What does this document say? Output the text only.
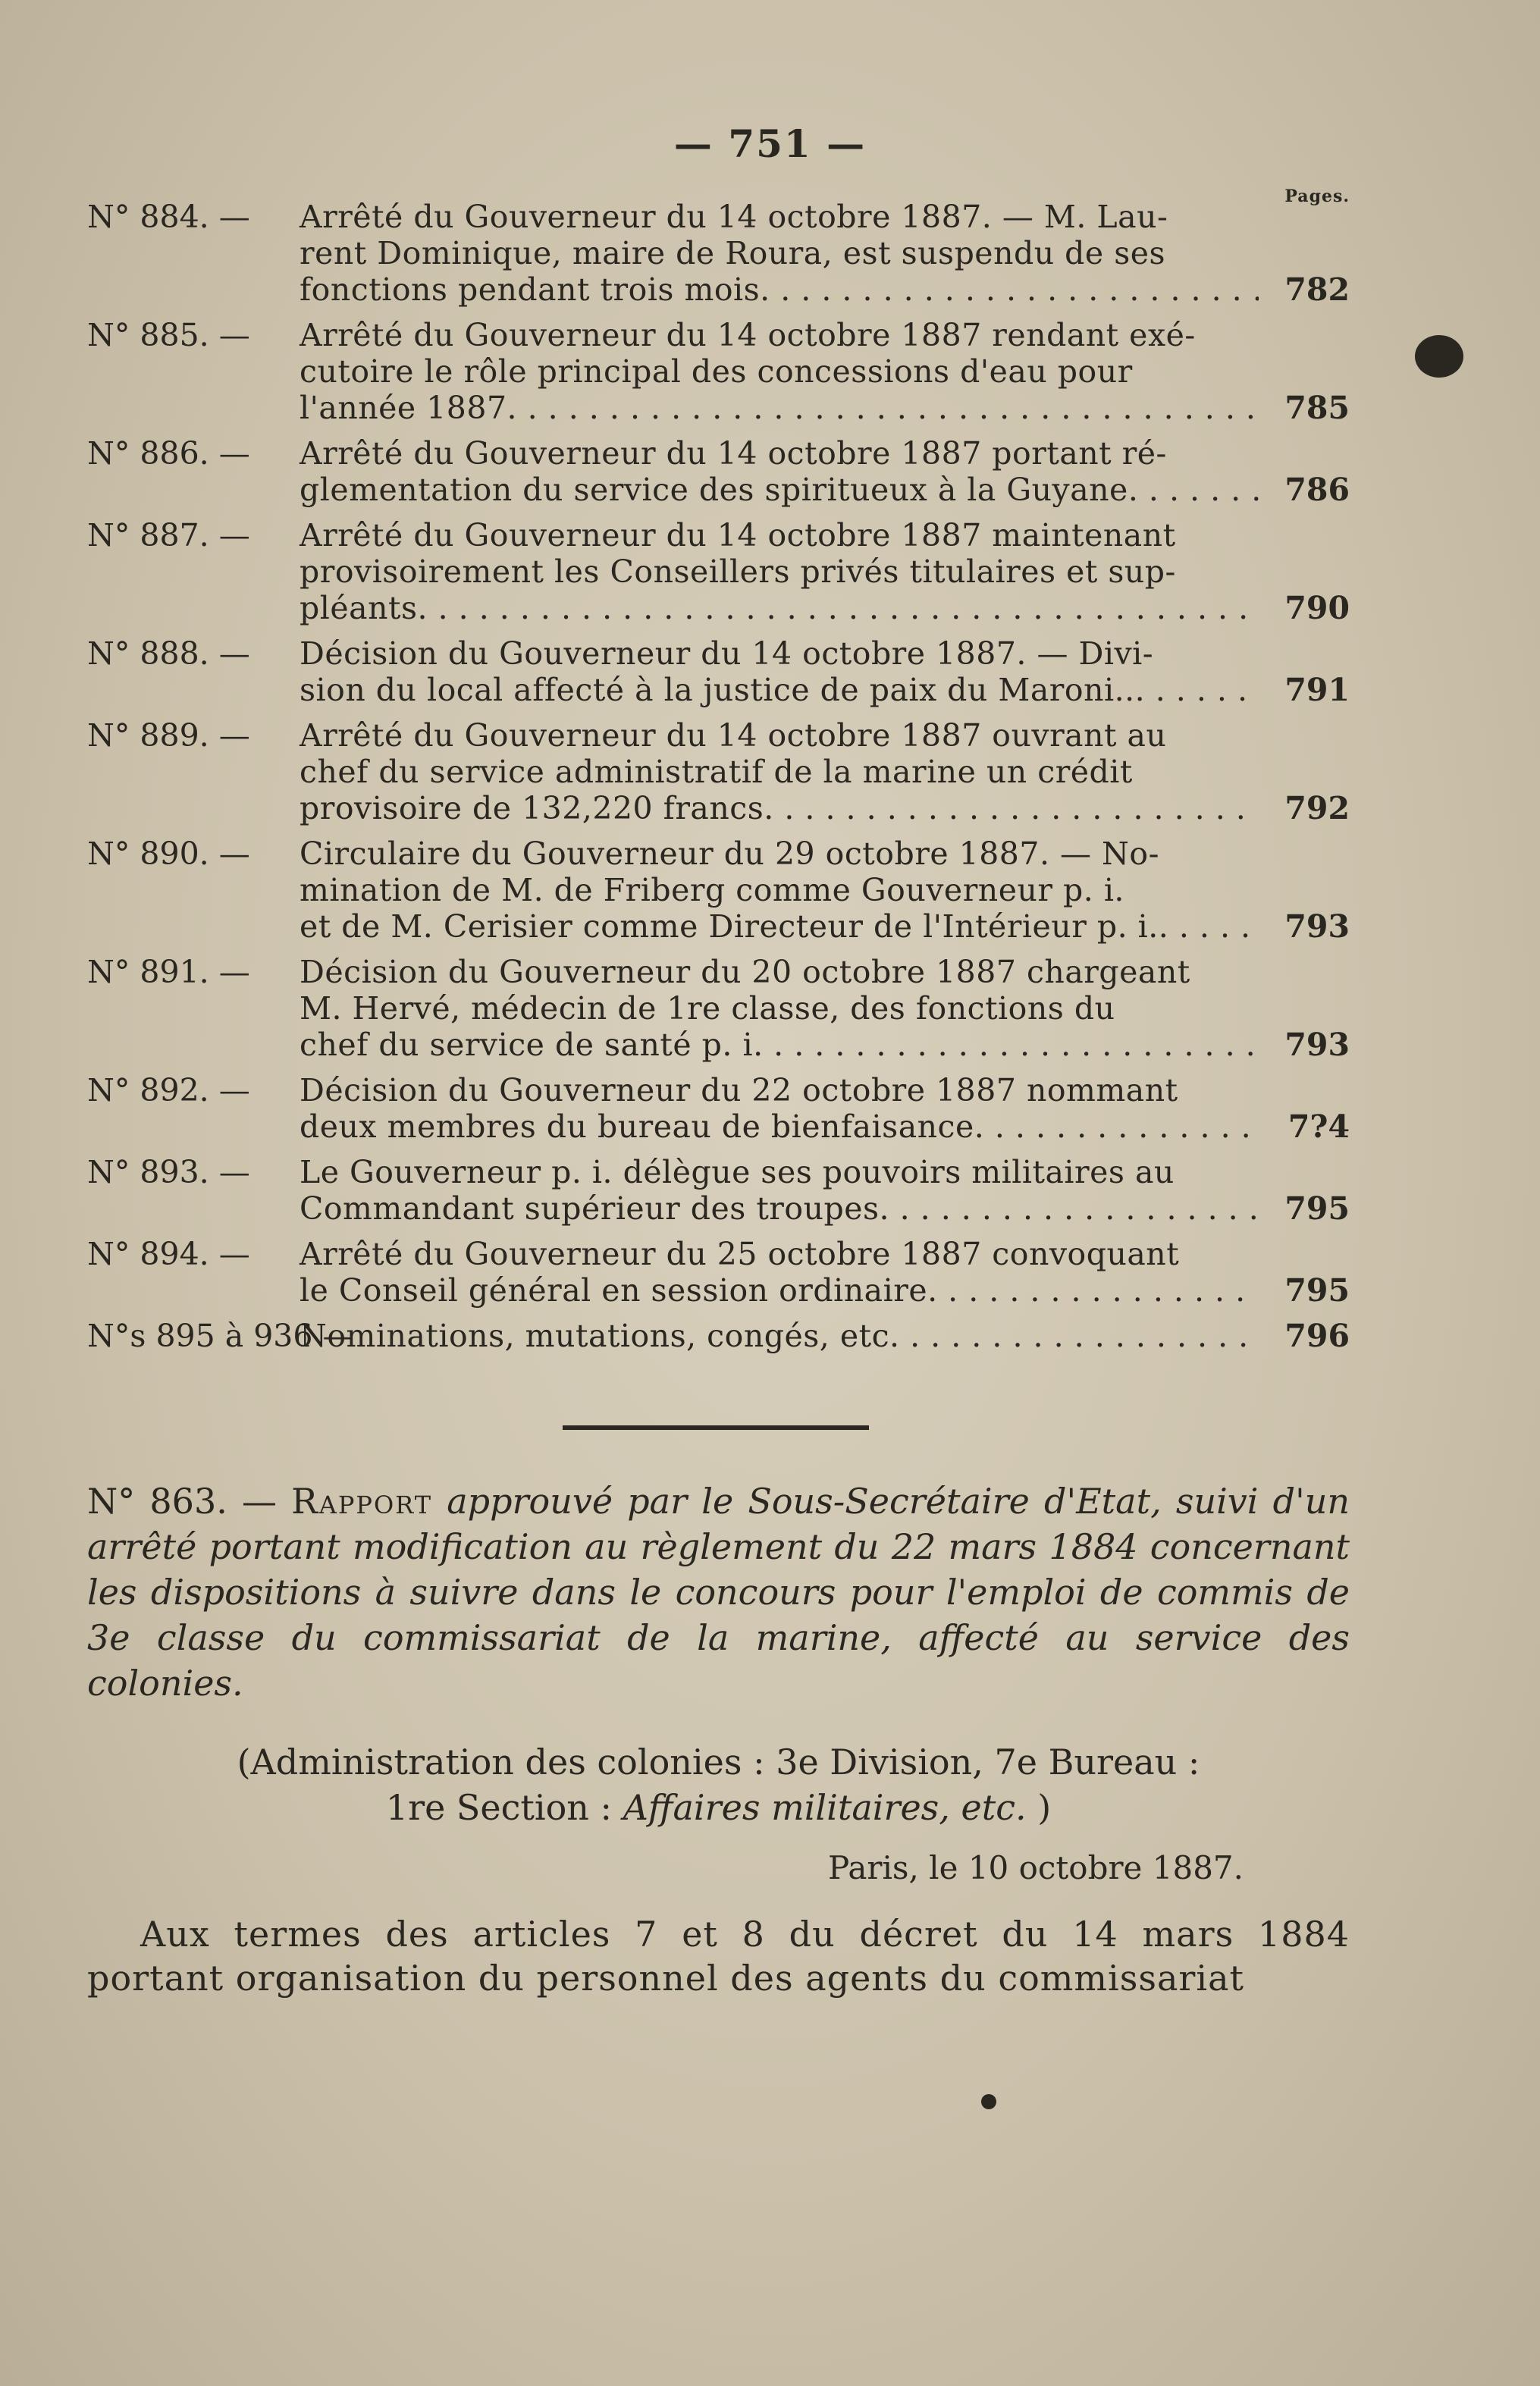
— 751 —
Pages.
N° 884. —	Arrêté du Gouverneur du 14 octobre 1887. — M. Lau-
rent Dominique, maire de Roura, est suspendu de ses
fonctions pendant trois mois . . .	782
N° 885. —	Arrêté du Gouverneur du 14 octobre 1887 rendant exé-
cutoire le rôle principal des concessions d'eau pour
l'année 1887 . . .	785
N° 886. —	Arrêté du Gouverneur du 14 octobre 1887 portant ré-
glementation du service des spiritueux à la Guyane . . .	786
N° 887. —	Arrêté du Gouverneur du 14 octobre 1887 maintenant
provisoirement les Conseillers privés titulaires et sup-
pléants . . .	790
N° 888. —	Décision du Gouverneur du 14 octobre 1887. — Divi-
sion du local affecté à la justice de paix du Maroni.. . . .	791
N° 889. —	Arrêté du Gouverneur du 14 octobre 1887 ouvrant au
chef du service administratif de la marine un crédit
provisoire de 132,220 francs . . .	792
N° 890. —	Circulaire du Gouverneur du 29 octobre 1887. — No-
mination de M. de Friberg comme Gouverneur p. i.
et de M. Cerisier comme Directeur de l'Intérieur p. i. . . .	793
N° 891. —	Décision du Gouverneur du 20 octobre 1887 chargeant
M. Hervé, médecin de 1re classe, des fonctions du
chef du service de santé p. i . . .	793
N° 892. —	Décision du Gouverneur du 22 octobre 1887 nommant
deux membres du bureau de bienfaisance . . .	7?4
N° 893. —	Le Gouverneur p. i. délègue ses pouvoirs militaires au
Commandant supérieur des troupes . . .	795
N° 894. —	Arrêté du Gouverneur du 25 octobre 1887 convoquant
le Conseil général en session ordinaire . . .	795
N°s 895 à 936 —
Nominations, mutations, congés, etc . . .	796
N° 863. — Rapport approuvé par le Sous-Secrétaire d'Etat, suivi d'un arrêté portant modification au règlement du 22 mars 1884 concernant les dispositions à suivre dans le concours pour l'emploi de commis de 3e classe du commissariat de la marine, affecté au service des colonies.
(Administration des colonies : 3e Division, 7e Bureau :
1re Section : Affaires militaires, etc. )
Paris, le 10 octobre 1887.
Aux termes des articles 7 et 8 du décret du 14 mars 1884 portant organisation du personnel des agents du commissariat
